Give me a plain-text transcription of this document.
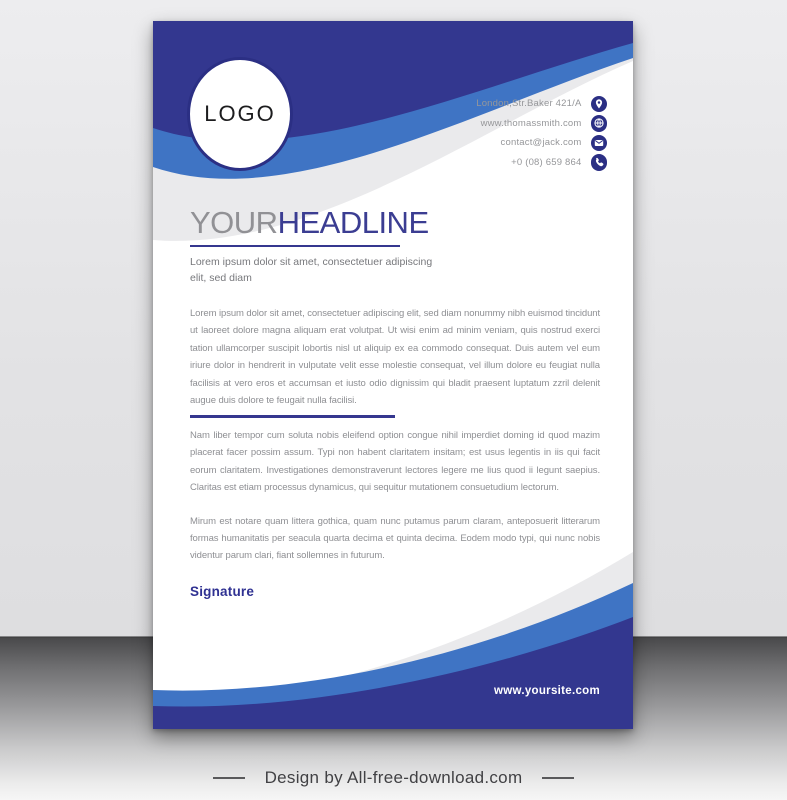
LOGO	London,Str.Baker 421/A
www.thomassmith.com
contact@jack.com
+0 (08) 659 864
YOURHEADLINE
Lorem ipsum dolor sit amet, consectetuer adipiscing
elit, sed diam

Lorem ipsum dolor sit amet, consectetuer adipiscing elit, sed diam nonummy nibh euismod tincidunt ut laoreet dolore magna aliquam erat volutpat. Ut wisi enim ad minim veniam, quis nostrud exerci tation ullamcorper suscipit lobortis nisl ut aliquip ex ea commodo consequat. Duis autem vel eum iriure dolor in hendrerit in vulputate velit esse molestie consequat, vel illum dolore eu feugiat nulla facilisis at vero eros et accumsan et iusto odio dignissim qui bladit praesent luptatum zzril delenit augue duis dolore te feugait nulla facilisi.

Nam liber tempor cum soluta nobis eleifend option congue nihil imperdiet doming id quod mazim placerat facer possim assum. Typi non habent claritatem insitam; est usus legentis in iis qui facit eorum claritatem. Investigationes demonstraverunt lectores legere me lius quod ii legunt saepius. Claritas est etiam processus dynamicus, qui sequitur mutationem consuetudium lectorum.

Mirum est notare quam littera gothica, quam nunc putamus parum claram, anteposuerit litterarum formas humanitatis per seacula quarta decima et quinta decima. Eodem modo typi, qui nunc nobis videntur parum clari, fiant sollemnes in futurum.

Signature
www.yoursite.com
Design by All-free-download.com
